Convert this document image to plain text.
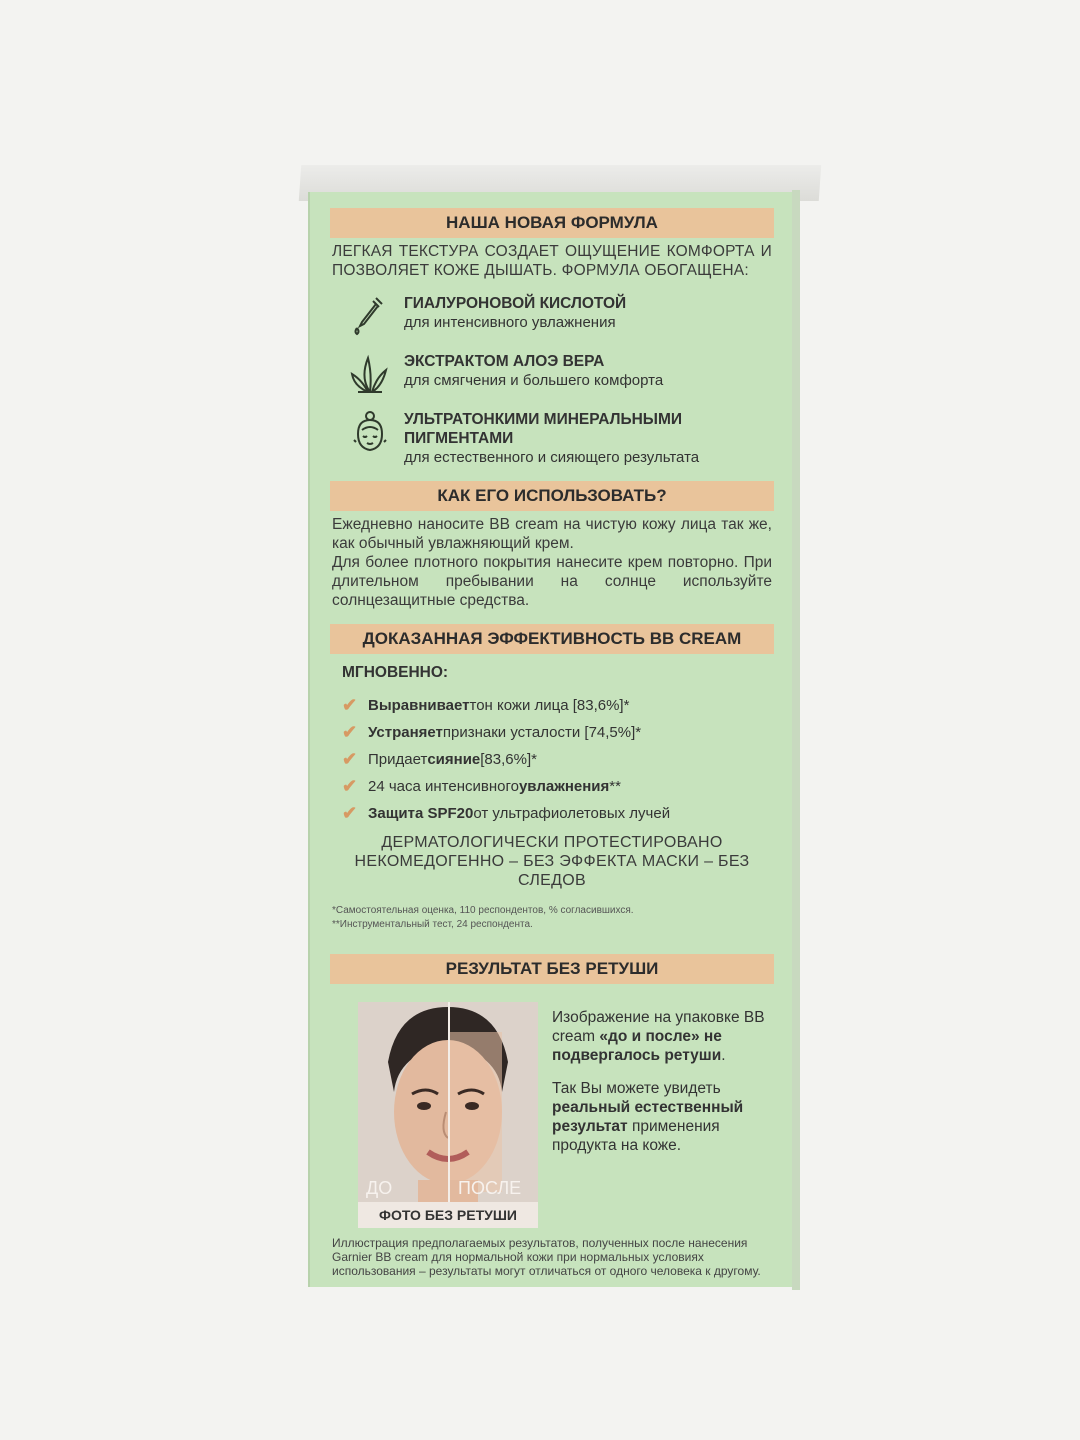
НАША НОВАЯ ФОРМУЛА
ЛЕГКАЯ ТЕКСТУРА СОЗДАЕТ ОЩУЩЕНИЕ КОМФОРТА И ПОЗВОЛЯЕТ КОЖЕ ДЫШАТЬ. ФОРМУЛА ОБОГАЩЕНА:
ГИАЛУРОНОВОЙ КИСЛОТОЙ
для интенсивного увлажнения
ЭКСТРАКТОМ АЛОЭ ВЕРА
для смягчения и большего комфорта
УЛЬТРАТОНКИМИ МИНЕРАЛЬНЫМИ ПИГМЕНТАМИ
для естественного и сияющего результата
КАК ЕГО ИСПОЛЬЗОВАТЬ?
Ежедневно наносите BB cream на чистую кожу лица так же, как обычный увлажняющий крем.
Для более плотного покрытия нанесите крем повторно. При длительном пребывании на солнце используйте солнцезащитные средства.
ДОКАЗАННАЯ ЭФФЕКТИВНОСТЬ BB CREAM
МГНОВЕННО:
✔ Выравнивает тон кожи лица [83,6%]*
✔ Устраняет признаки усталости [74,5%]*
✔ Придает сияние [83,6%]*
✔ 24 часа интенсивного увлажнения **
✔ Защита SPF20 от ультрафиолетовых лучей
ДЕРМАТОЛОГИЧЕСКИ ПРОТЕСТИРОВАНО НЕКОМЕДОГЕННО – БЕЗ ЭФФЕКТА МАСКИ – БЕЗ СЛЕДОВ
*Самостоятельная оценка, 110 респондентов, % согласившихся.
**Инструментальный тест, 24 респондента.
РЕЗУЛЬТАТ БЕЗ РЕТУШИ
ДО	ПОСЛЕ
ФОТО БЕЗ РЕТУШИ
Изображение на упаковке BB cream «до и после» не подвергалось ретуши.
Так Вы можете увидеть реальный естественный результат применения продукта на коже.
Иллюстрация предполагаемых результатов, полученных после нанесения Garnier BB cream для нормальной кожи при нормальных условиях использования – результаты могут отличаться от одного человека к другому.
